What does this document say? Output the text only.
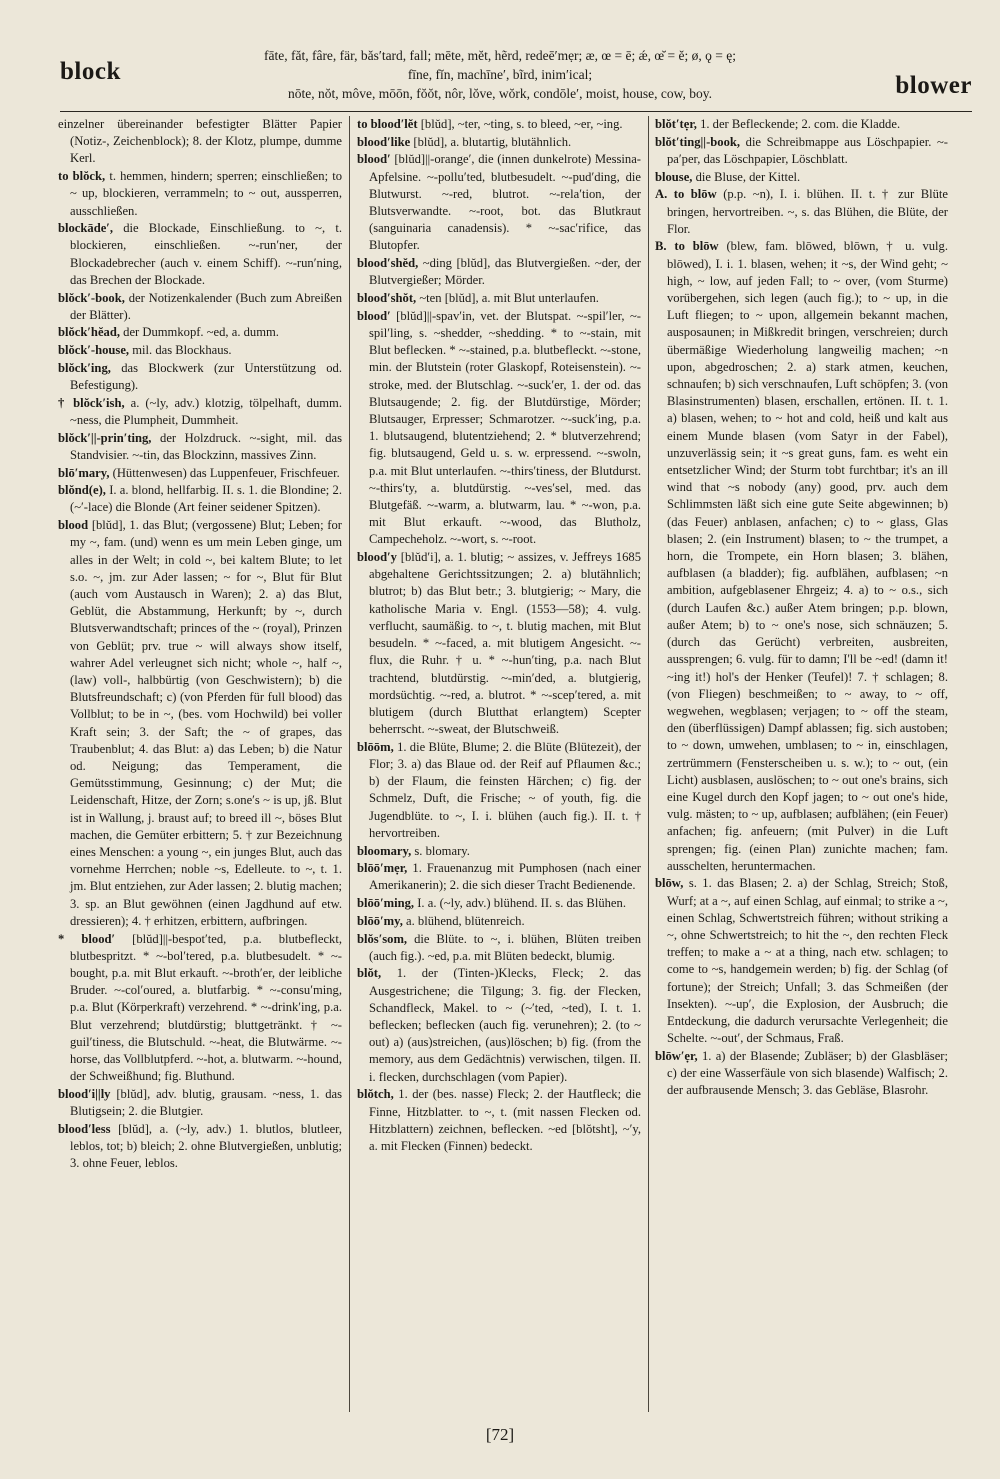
block
fāte, făt, fâre, fär, băs′tard, fall; mēte, mĕt, hẽrd, redeē′mẹr; æ, œ = ē; ǽ, œ̆ = ĕ; ø, ǫ = ę;
fīne, fĭn, machīne′, bĩrd, inim′ical;
nōte, nŏt, môve, mōōn, fŏŏt, nôr, lŏve, wŏrk, condōle′, moist, house, cow, boy.	blower

einzelner übereinander befestigter Blätter Papier (Notiz-, Zeichenblock); 8. der Klotz, plumpe, dumme Kerl.

to blŏck, t. hemmen, hindern; sperren; einschließen; to ~ up, blockieren, verrammeln; to ~ out, aussperren, ausschließen.

blockāde′, die Blockade, Einschließung. to ~, t. blockieren, einschließen. ~-run′ner, der Blockadebrecher (auch v. einem Schiff). ~-run′ning, das Brechen der Blockade.

blŏck′-book, der Notizenkalender (Buch zum Abreißen der Blätter).

blŏck′hĕad, der Dummkopf. ~ed, a. dumm.

blŏck′-house, mil. das Blockhaus.

blŏck′ing, das Blockwerk (zur Unterstützung od. Befestigung).

† blŏck′ish, a. (~ly, adv.) klotzig, tölpelhaft, dumm. ~ness, die Plumpheit, Dummheit.

blŏck′||-prin′ting, der Holzdruck. ~-sight, mil. das Standvisier. ~-tin, das Blockzinn, massives Zinn.

blō′mary, (Hüttenwesen) das Luppenfeuer, Frischfeuer.

blŏnd(e), I. a. blond, hellfarbig. II. s. 1. die Blondine; 2. (~′-lace) die Blonde (Art feiner seidener Spitzen).

blood [blŭd], 1. das Blut; (vergossene) Blut; Leben; for my ~, fam. (und) wenn es um mein Leben ginge, um alles in der Welt; in cold ~, bei kaltem Blute; to let s.o. ~, jm. zur Ader lassen; ~ for ~, Blut für Blut (auch vom Austausch in Waren); 2. a) das Blut, Geblüt, die Abstammung, Herkunft; by ~, durch Blutsverwandtschaft; princes of the ~ (royal), Prinzen von Geblüt; prv. true ~ will always show itself, wahrer Adel verleugnet sich nicht; whole ~, half ~, (law) voll-, halbbürtig (von Geschwistern); b) die Blutsfreundschaft; c) (von Pferden für full blood) das Vollblut; to be in ~, (bes. vom Hochwild) bei voller Kraft sein; 3. der Saft; the ~ of grapes, das Traubenblut; 4. das Blut: a) das Leben; b) die Natur od. Neigung; das Temperament, die Gemütsstimmung, Gesinnung; c) der Mut; die Leidenschaft, Hitze, der Zorn; s.one′s ~ is up, jß. Blut ist in Wallung, j. braust auf; to breed ill ~, böses Blut machen, die Gemüter erbittern; 5. † zur Bezeichnung eines Menschen: a young ~, ein junges Blut, auch das vornehme Herrchen; noble ~s, Edelleute. to ~, t. 1. jm. Blut entziehen, zur Ader lassen; 2. blutig machen; 3. sp. an Blut gewöhnen (einen Jagdhund auf etw. dressieren); 4. † erhitzen, erbittern, aufbringen.

* blood′ [blŭd]||-bespot′ted, p.a. blutbefleckt, blutbespritzt. * ~-bol′tered, p.a. blutbesudelt. * ~-bought, p.a. mit Blut erkauft. ~-broth′er, der leibliche Bruder. ~-col′oured, a. blutfarbig. * ~-consu′ming, p.a. Blut (Körperkraft) verzehrend. * ~-drink′ing, p.a. Blut verzehrend; blutdürstig; bluttgetränkt. † ~-guil′tiness, die Blutschuld. ~-heat, die Blutwärme. ~-horse, das Vollblutpferd. ~-hot, a. blutwarm. ~-hound, der Schweißhund; fig. Bluthund.

blood′i||ly [blŭd], adv. blutig, grausam. ~ness, 1. das Blutigsein; 2. die Blutgier.

blood′less [blŭd], a. (~ly, adv.) 1. blutlos, blutleer, leblos, tot; b) bleich; 2. ohne Blutvergießen, unblutig; 3. ohne Feuer, leblos.

to blood′lĕt [blŭd], ~ter, ~ting, s. to bleed, ~er, ~ing.

blood′like [blŭd], a. blutartig, blutähnlich.

blood′ [blŭd]||-orange′, die (innen dunkelrote) Messina-Apfelsine. ~-pollu′ted, blutbesudelt. ~-pud′ding, die Blutwurst. ~-red, blutrot. ~-rela′tion, der Blutsverwandte. ~-root, bot. das Blutkraut (sanguinaria canadensis). * ~-sac′rifice, das Blutopfer.

blood′shĕd, ~ding [blŭd], das Blutvergießen. ~der, der Blutvergießer; Mörder.

blood′shŏt, ~ten [blŭd], a. mit Blut unterlaufen.

blood′ [blŭd]||-spav′in, vet. der Blutspat. ~-spil′ler, ~-spil′ling, s. ~shedder, ~shedding. * to ~-stain, mit Blut beflecken. * ~-stained, p.a. blutbefleckt. ~-stone, min. der Blutstein (roter Glaskopf, Roteisenstein). ~-stroke, med. der Blutschlag. ~-suck′er, 1. der od. das Blutsaugende; 2. fig. der Blutdürstige, Mörder; Blutsauger, Erpresser; Schmarotzer. ~-suck′ing, p.a. 1. blutsaugend, blutentziehend; 2. * blutverzehrend; fig. blutsaugend, Geld u. s. w. erpressend. ~-swoln, p.a. mit Blut unterlaufen. ~-thirs′tiness, der Blutdurst. ~-thirs′ty, a. blutdürstig. ~-ves′sel, med. das Blutgefäß. ~-warm, a. blutwarm, lau. * ~-won, p.a. mit Blut erkauft. ~-wood, das Blutholz, Campecheholz. ~-wort, s. ~-root.

blood′y [blŭd′i], a. 1. blutig; ~ assizes, v. Jeffreys 1685 abgehaltene Gerichtssitzungen; 2. a) blutähnlich; blutrot; b) das Blut betr.; 3. blutgierig; ~ Mary, die katholische Maria v. Engl. (1553—58); 4. vulg. verflucht, saumäßig. to ~, t. blutig machen, mit Blut besudeln. * ~-faced, a. mit blutigem Angesicht. ~-flux, die Ruhr. † u. * ~-hun′ting, p.a. nach Blut trachtend, blutdürstig. ~-min′ded, a. blutgierig, mordsüchtig. ~-red, a. blutrot. * ~-scep′tered, a. mit blutigem (durch Blutthat erlangtem) Scepter beherrscht. ~-sweat, der Blutschweiß.

blōōm, 1. die Blüte, Blume; 2. die Blüte (Blütezeit), der Flor; 3. a) das Blaue od. der Reif auf Pflaumen &c.; b) der Flaum, die feinsten Härchen; c) fig. der Schmelz, Duft, die Frische; ~ of youth, fig. die Jugendblüte. to ~, I. i. blühen (auch fig.). II. t. † hervortreiben.

bloomary, s. blomary.

blōō′mẹr, 1. Frauenanzug mit Pumphosen (nach einer Amerikanerin); 2. die sich dieser Tracht Bedienende.

blōō′ming, I. a. (~ly, adv.) blühend. II. s. das Blühen.

blōō′my, a. blühend, blütenreich.

blŏs′som, die Blüte. to ~, i. blühen, Blüten treiben (auch fig.). ~ed, p.a. mit Blüten bedeckt, blumig.

blŏt, 1. der (Tinten-)Klecks, Fleck; 2. das Ausgestrichene; die Tilgung; 3. fig. der Flecken, Schandfleck, Makel. to ~ (~′ted, ~ted), I. t. 1. beflecken; beflecken (auch fig. verunehren); 2. (to ~ out) a) (aus)streichen, (aus)löschen; b) fig. (from the memory, aus dem Gedächtnis) verwischen, tilgen. II. i. flecken, durchschlagen (vom Papier).

blŏtch, 1. der (bes. nasse) Fleck; 2. der Hautfleck; die Finne, Hitzblatter. to ~, t. (mit nassen Flecken od. Hitzblattern) zeichnen, beflecken. ~ed [blŏtsht], ~′y, a. mit Flecken (Finnen) bedeckt.

blŏt′tẹr, 1. der Befleckende; 2. com. die Kladde.

blŏt′ting||-book, die Schreibmappe aus Löschpapier. ~-pa′per, das Löschpapier, Löschblatt.

blouse, die Bluse, der Kittel.

A. to blōw (p.p. ~n), I. i. blühen. II. t. † zur Blüte bringen, hervortreiben. ~, s. das Blühen, die Blüte, der Flor.

B. to blōw (blew, fam. blōwed, blōwn, † u. vulg. blōwed), I. i. 1. blasen, wehen; it ~s, der Wind geht; ~ high, ~ low, auf jeden Fall; to ~ over, (vom Sturme) vorübergehen, sich legen (auch fig.); to ~ up, in die Luft fliegen; to ~ upon, allgemein bekannt machen, ausposaunen; in Mißkredit bringen, verschreien; durch übermäßige Wiederholung langweilig machen; ~n upon, abgedroschen; 2. a) stark atmen, keuchen, schnaufen; b) sich verschnaufen, Luft schöpfen; 3. (von Blasinstrumenten) blasen, erschallen, ertönen. II. t. 1. a) blasen, wehen; to ~ hot and cold, heiß und kalt aus einem Munde blasen (vom Satyr in der Fabel), unzuverlässig sein; it ~s great guns, fam. es weht ein entsetzlicher Wind; der Sturm tobt furchtbar; it's an ill wind that ~s nobody (any) good, prv. auch dem Schlimmsten läßt sich eine gute Seite abgewinnen; b) (das Feuer) anblasen, anfachen; c) to ~ glass, Glas blasen; 2. (ein Instrument) blasen; to ~ the trumpet, a horn, die Trompete, ein Horn blasen; 3. blähen, aufblasen (a bladder); fig. aufblähen, aufblasen; ~n ambition, aufgeblasener Ehrgeiz; 4. a) to ~ o.s., sich (durch Laufen &c.) außer Atem bringen; p.p. blown, außer Atem; b) to ~ one's nose, sich schnäuzen; 5. (durch das Gerücht) verbreiten, ausbreiten, aussprengen; 6. vulg. für to damn; I'll be ~ed! (damn it! ~ing it!) hol's der Henker (Teufel)! 7. † schlagen; 8. (von Fliegen) beschmeißen; to ~ away, to ~ off, wegwehen, wegblasen; verjagen; to ~ off the steam, den (überflüssigen) Dampf ablassen; fig. sich austoben; to ~ down, umwehen, umblasen; to ~ in, einschlagen, zertrümmern (Fensterscheiben u. s. w.); to ~ out, (ein Licht) ausblasen, auslöschen; to ~ out one's brains, sich eine Kugel durch den Kopf jagen; to ~ out one's hide, vulg. mästen; to ~ up, aufblasen; aufblähen; (ein Feuer) anfachen; fig. anfeuern; (mit Pulver) in die Luft sprengen; fig. (einen Plan) zunichte machen; fam. ausschelten, heruntermachen.

blōw, s. 1. das Blasen; 2. a) der Schlag, Streich; Stoß, Wurf; at a ~, auf einen Schlag, auf einmal; to strike a ~, einen Schlag, Schwertstreich führen; without striking a ~, ohne Schwertstreich; to hit the ~, den rechten Fleck treffen; to make a ~ at a thing, nach etw. schlagen; to come to ~s, handgemein werden; b) fig. der Schlag (of fortune); der Streich; Unfall; 3. das Schmeißen (der Insekten). ~-up′, die Explosion, der Ausbruch; die Entdeckung, die dadurch verursachte Verlegenheit; die Schelte. ~-out′, der Schmaus, Fraß.

blōw′ẹr, 1. a) der Blasende; Zubläser; b) der Glasbläser; c) der eine Wasserfäule von sich blasende) Walfisch; 2. der aufbrausende Mensch; 3. das Gebläse, Blasrohr.

[72]
